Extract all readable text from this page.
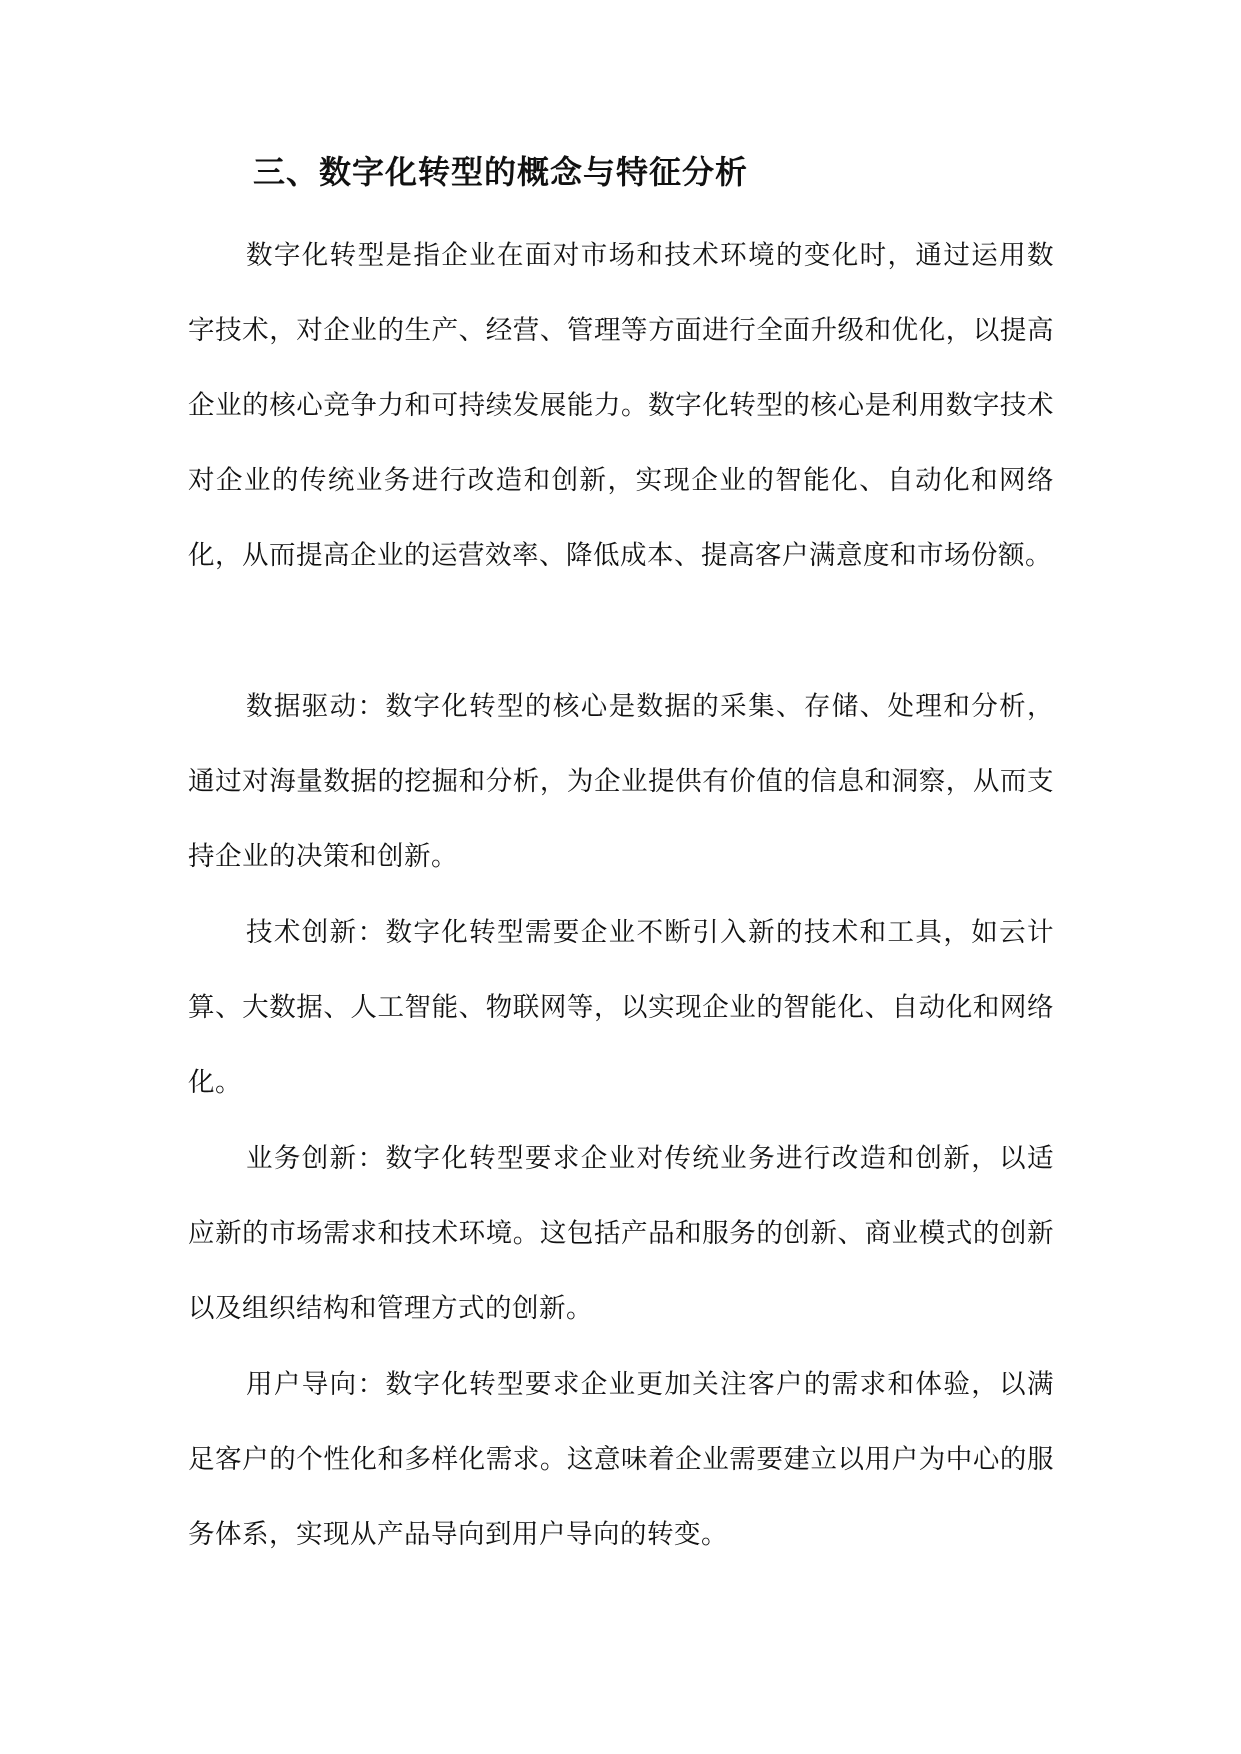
三、数字化转型的概念与特征分析

数字化转型是指企业在面对市场和技术环境的变化时，通过运用数字技术，对企业的生产、经营、管理等方面进行全面升级和优化，以提高企业的核心竞争力和可持续发展能力。数字化转型的核心是利用数字技术对企业的传统业务进行改造和创新，实现企业的智能化、自动化和网络化，从而提高企业的运营效率、降低成本、提高客户满意度和市场份额。

数据驱动：数字化转型的核心是数据的采集、存储、处理和分析，通过对海量数据的挖掘和分析，为企业提供有价值的信息和洞察，从而支持企业的决策和创新。

技术创新：数字化转型需要企业不断引入新的技术和工具，如云计算、大数据、人工智能、物联网等，以实现企业的智能化、自动化和网络化。

业务创新：数字化转型要求企业对传统业务进行改造和创新，以适应新的市场需求和技术环境。这包括产品和服务的创新、商业模式的创新以及组织结构和管理方式的创新。

用户导向：数字化转型要求企业更加关注客户的需求和体验，以满足客户的个性化和多样化需求。这意味着企业需要建立以用户为中心的服务体系，实现从产品导向到用户导向的转变。
